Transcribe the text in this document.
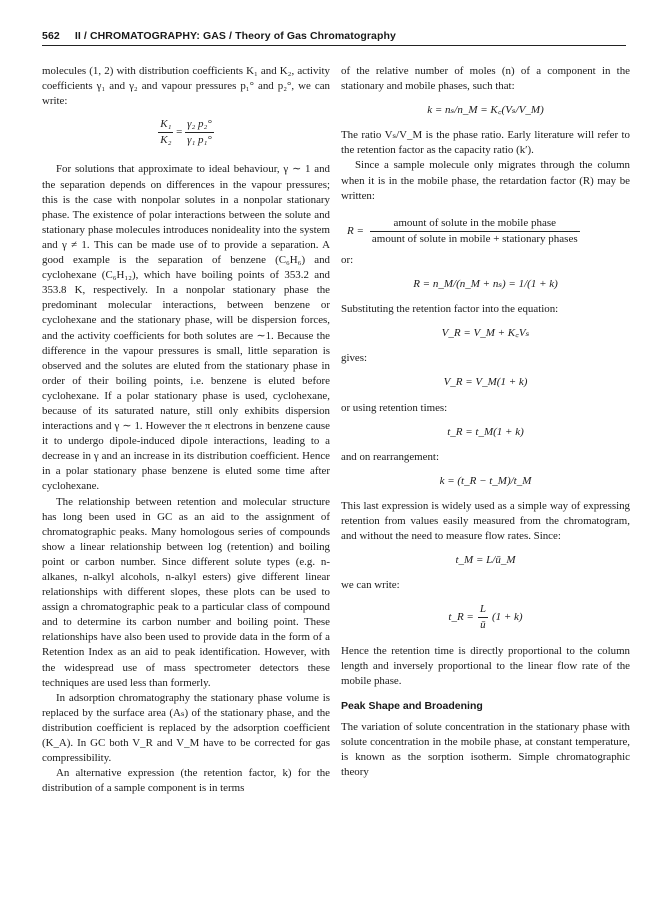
562 II / CHROMATOGRAPHY: GAS / Theory of Gas Chromatography

molecules (1, 2) with distribution coefficients K₁ and K₂, activity coefficients γ₁ and γ₂ and vapour pressures p₁° and p₂°, we can write:

$\frac{\text{K₁}}{\text{K₂}} = \frac{\text{γ₂ p₂°}}{\text{γ₁ p₁°}}$

For solutions that approximate to ideal behaviour, γ ∼ 1 and the separation depends on differences in the vapour pressures; this is the case with nonpolar solutes in a nonpolar stationary phase. The existence of polar interactions between the solute and stationary phase molecules introduces nonideality into the system and γ ≠ 1. This can be made use of to provide a separation. A good example is the separation of benzene (C₆H₆) and cyclohexane (C₆H₁₂), which have boiling points of 353.2 and 353.8 K, respectively. In a nonpolar stationary phase the predominant molecular interactions, between benzene or cyclohexane and the stationary phase, will be dispersion forces, and the activity coefficients for both solutes are ∼1. Because the difference in the vapour pressures is small, little separation is observed and the solutes are eluted from the stationary phase in order of their boiling points, i.e. benzene is eluted before cyclohexane. If a polar stationary phase is used, cyclohexane, because of its saturated nature, still only exhibits dispersion interactions and γ ∼ 1. However the π electrons in benzene cause it to undergo dipole-induced dipole interactions, leading to a decrease in γ and an increase in its distribution coefficient. Hence in a polar stationary phase benzene is eluted some time after cyclohexane.

The relationship between retention and molecular structure has long been used in GC as an aid to the assignment of chromatographic peaks. Many homologous series of compounds show a linear relationship between log (retention) and boiling point or carbon number. Since different solute types (e.g. n-alkanes, n-alkyl alcohols, n-alkyl esters) give different linear relationships with different slopes, these plots can be used to assign a chromatographic peak to a particular class of compound and to determine its carbon number and boiling point. These relationships have also been used to provide data in the form of a Retention Index as an aid to peak identification. However, with the widespread use of mass spectrometer detectors these techniques are used less than formerly.

In adsorption chromatography the stationary phase volume is replaced by the surface area (Aₛ) of the stationary phase, and the distribution coefficient is replaced by the adsorption coefficient (K_A). In GC both V_R and V_M have to be corrected for gas compressibility.

An alternative expression (the retention factor, k) for the distribution of a sample component is in terms

of the relative number of moles (n) of a component in the stationary and mobile phases, such that:

k = nₛ/n_M = K꜀(Vₛ/V_M)

The ratio Vₛ/V_M is the phase ratio. Early literature will refer to the retention factor as the capacity ratio (k′).

Since a sample molecule only migrates through the column when it is in the mobile phase, the retardation factor (R) may be written:

$R = \frac{\text{amount of solute in the mobile phase}}{\text{amount of solute in mobile + stationary phases}}$

or:

R = n_M/(n_M + nₛ) = 1/(1 + k)

Substituting the retention factor into the equation:

V_R = V_M + K꜀Vₛ

gives:

V_R = V_M(1 + k)

or using retention times:

t_R = t_M(1 + k)

and on rearrangement:

k = (t_R − t_M)/t_M

This last expression is widely used as a simple way of expressing retention from values easily measured from the chromatogram, and without the need to measure flow rates. Since:

t_M = L/ū_M

we can write:

t_R = $\frac{L}{ū} (1 + k)$

Hence the retention time is directly proportional to the column length and inversely proportional to the linear flow rate of the mobile phase.

Peak Shape and Broadening

The variation of solute concentration in the stationary phase with solute concentration in the mobile phase, at constant temperature, is known as the sorption isotherm. Simple chromatographic theory
